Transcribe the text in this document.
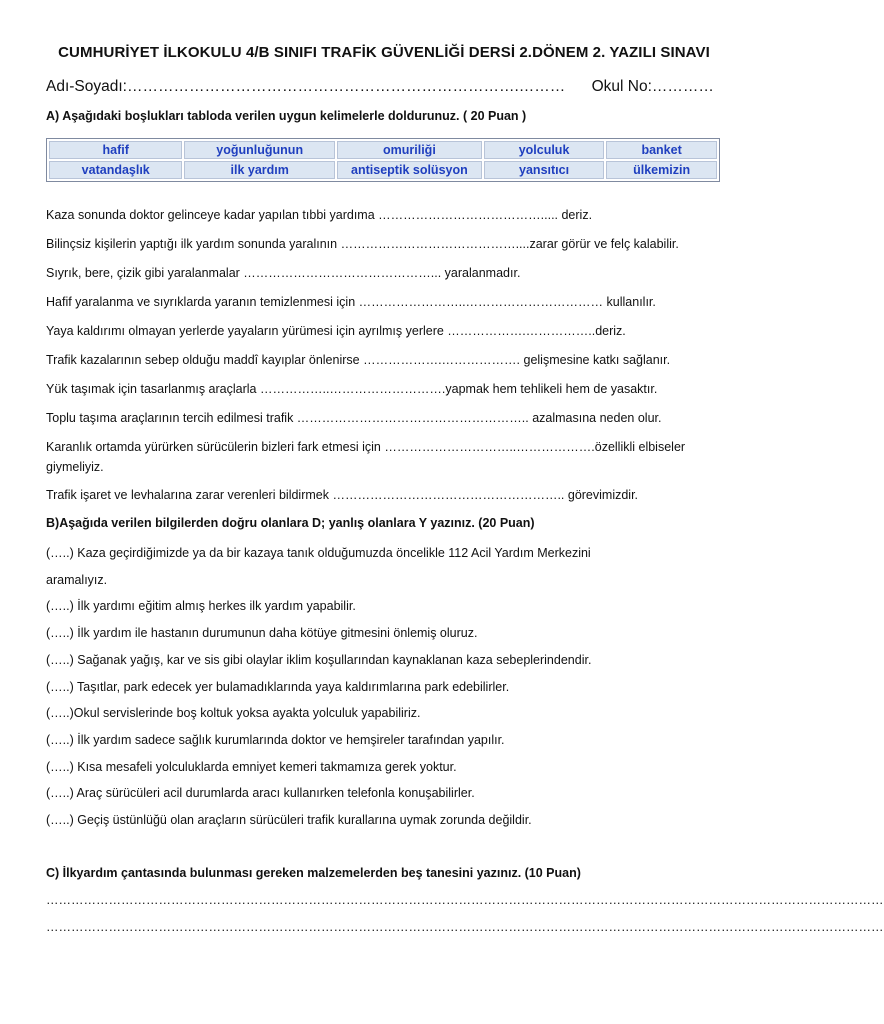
CUMHURİYET İLKOKULU 4/B SINIFI TRAFİK GÜVENLİĞİ DERSİ 2.DÖNEM 2. YAZILI SINAVI
Adı-Soyadı:………………………………………………………………….……… Okul No:…………
A) Aşağıdaki boşlukları tabloda verilen uygun kelimelerle doldurunuz. ( 20 Puan )
hafif	yoğunluğunun	omuriliği	yolculuk	banket
vatandaşlık	ilk yardım	antiseptik solüsyon	yansıtıcı	ülkemizin
Kaza sonunda doktor gelinceye kadar yapılan tıbbi yardıma …………………………………..... deriz.
Bilinçsiz kişilerin yaptığı ilk yardım sonunda yaralının ……………………………………....zarar görür ve felç kalabilir.
Sıyrık, bere, çizik gibi yaralanmalar ………………………………………... yaralanmadır.
Hafif yaralanma ve sıyrıklarda yaranın temizlenmesi için ……………………..…………………………… kullanılır.
Yaya kaldırımı olmayan yerlerde yayaların yürümesi için ayrılmış yerlere ……………….……………..deriz.
Trafik kazalarının sebep olduğu maddî kayıplar önlenirse ……………….………………. gelişmesine katkı sağlanır.
Yük taşımak için tasarlanmış araçlarla ……………..……………………….yapmak hem tehlikeli hem de yasaktır.
Toplu taşıma araçlarının tercih edilmesi trafik ……………………………………………….. azalmasına neden olur.
Karanlık ortamda yürürken sürücülerin bizleri fark etmesi için …………………………..……………….özellikli elbiseler giymeliyiz.
Trafik işaret ve levhalarına zarar verenleri bildirmek ……………………………………………….. görevimizdir.
B)Aşağıda verilen bilgilerden doğru olanlara D; yanlış olanlara Y yazınız. (20 Puan)
(…..) Kaza geçirdiğimizde ya da bir kazaya tanık olduğumuzda öncelikle 112 Acil Yardım Merkezini
aramalıyız.
(…..) İlk yardımı eğitim almış herkes ilk yardım yapabilir.
(…..) İlk yardım ile hastanın durumunun daha kötüye gitmesini önlemiş oluruz.
(…..) Sağanak yağış, kar ve sis gibi olaylar iklim koşullarından kaynaklanan kaza sebeplerindendir.
(…..) Taşıtlar, park edecek yer bulamadıklarında yaya kaldırımlarına park edebilirler.
(…..)Okul servislerinde boş koltuk yoksa ayakta yolculuk yapabiliriz.
(…..) İlk yardım sadece sağlık kurumlarında doktor ve hemşireler tarafından yapılır.
(…..) Kısa mesafeli yolculuklarda emniyet kemeri takmamıza gerek yoktur.
(…..) Araç sürücüleri acil durumlarda aracı kullanırken telefonla konuşabilirler.
(…..) Geçiş üstünlüğü olan araçların sürücüleri trafik kurallarına uymak zorunda değildir.
C) İlkyardım çantasında bulunması gereken malzemelerden beş tanesini yazınız. (10 Puan)
…………………………………………………………………………………………………………………………………………………………………………………
…………………………………………………………………………………………………………………………………………………………………………………
